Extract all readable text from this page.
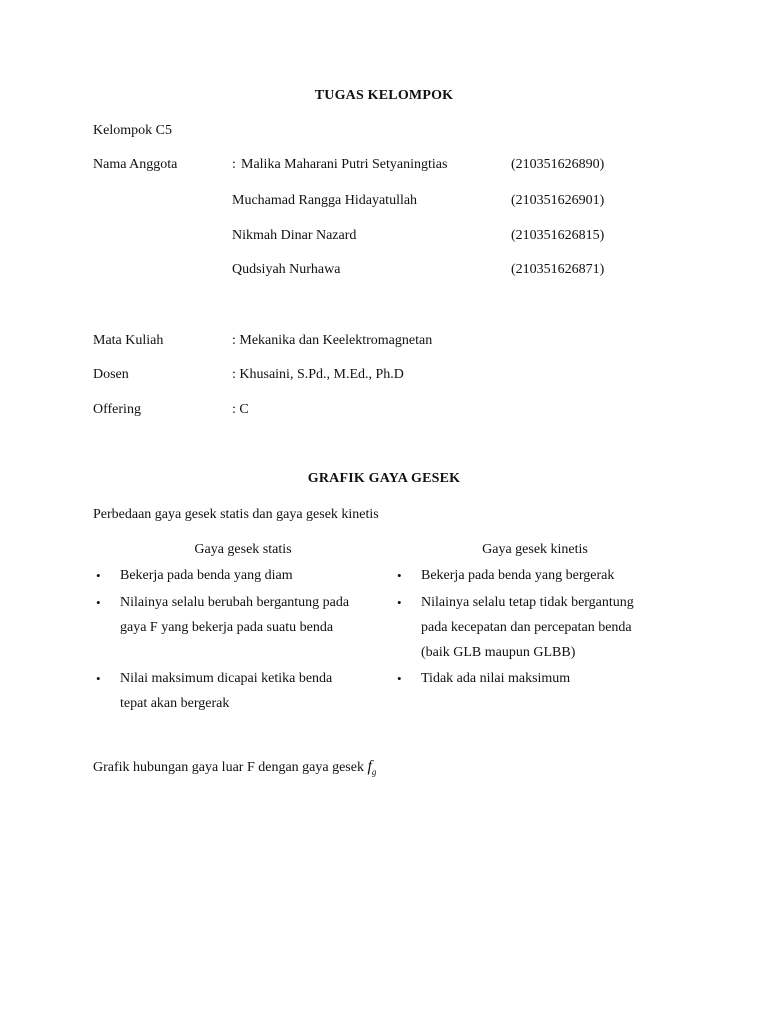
TUGAS KELOMPOK
Kelompok C5
Nama Anggota	: Malika Maharani Putri Setyaningtias	(210351626890)
Muchamad Rangga Hidayatullah	(210351626901)
Nikmah Dinar Nazard	(210351626815)
Qudsiyah Nurhawa	(210351626871)
Mata Kuliah	: Mekanika dan Keelektromagnetan
Dosen	: Khusaini, S.Pd., M.Ed., Ph.D
Offering	: C
GRAFIK GAYA GESEK
Perbedaan gaya gesek statis dan gaya gesek kinetis
Gaya gesek statis	Gaya gesek kinetis
• Bekerja pada benda yang diam
• Nilainya selalu berubah bergantung pada
gaya F yang bekerja pada suatu benda
• Nilai maksimum dicapai ketika benda
tepat akan bergerak
• Bekerja pada benda yang bergerak
• Nilainya selalu tetap tidak bergantung
pada kecepatan dan percepatan benda
(baik GLB maupun GLBB)
• Tidak ada nilai maksimum
Grafik hubungan gaya luar F dengan gaya gesek $f_g$
